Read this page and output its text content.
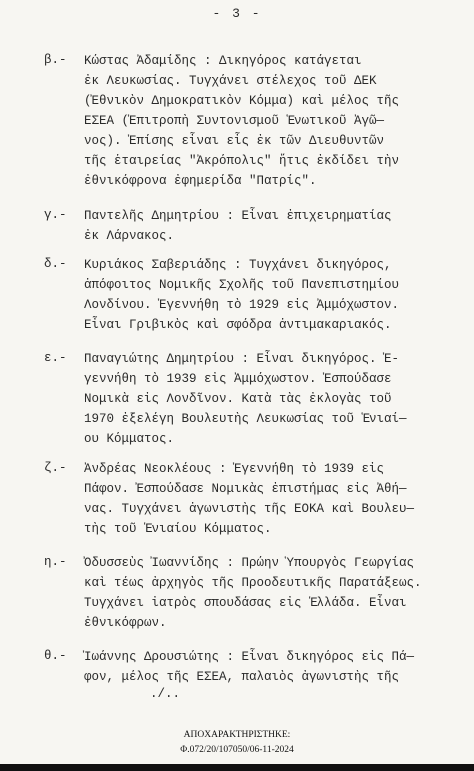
- 3 -
β.- Κώστας Ἀδαμίδης : Δικηγόρος κατάγεται
ἐκ Λευκωσίας. Τυγχάνει στέλεχος τοῦ ΔΕΚ
(Ἐθνικὸν Δημοκρατικὸν Κόμμα) καὶ μέλος τῆς
ΕΣΕΑ (Ἐπιτροπὴ Συντονισμοῦ Ἑνωτικοῦ Ἀγῶ—
νος). Ἐπίσης εἶναι εἷς ἐκ τῶν Διευθυντῶν
τῆς ἑταιρείας "Ἀκρόπολις" ἥτις ἐκδίδει τὴν
ἐθνικόφρονα ἐφημερίδα "Πατρίς".
γ.- Παντελῆς Δημητρίου : Εἶναι ἐπιχειρηματίας
ἐκ Λάρνακος.
δ.- Κυριάκος Σαβεριάδης : Τυγχάνει δικηγόρος,
ἀπόφοιτος Νομικῆς Σχολῆς τοῦ Πανεπιστημίου
Λονδίνου. Ἐγεννήθη τὸ 1929 εἰς Ἀμμόχωστον.
Εἶναι Γριβικὸς καὶ σφόδρα ἀντιμακαριακός.
ε.- Παναγιώτης Δημητρίου : Εἶναι δικηγόρος. Ἐ-
γεννήθη τὸ 1939 εἰς Ἀμμόχωστον. Ἐσπούδασε
Νομικὰ εἰς Λονδῖνον. Κατὰ τὰς ἐκλογὰς τοῦ
1970 ἐξελέγη Βουλευτὴς Λευκωσίας τοῦ Ἑνιαί—
ου Κόμματος.
ζ.- Ἀνδρέας Νεοκλέους : Ἐγεννήθη τὸ 1939 εἰς
Πάφον. Ἐσπούδασε Νομικὰς ἐπιστήμας εἰς Ἀθή—
νας. Τυγχάνει ἀγωνιστὴς τῆς ΕΟΚΑ καὶ Βουλευ—
τὴς τοῦ Ἑνιαίου Κόμματος.
η.- Ὀδυσσεὺς Ἰωαννίδης : Πρώην Ὑπουργὸς Γεωργίας
καὶ τέως ἀρχηγὸς τῆς Προοδευτικῆς Παρατάξεως.
Τυγχάνει ἰατρὸς σπουδάσας εἰς Ἑλλάδα. Εἶναι
ἐθνικόφρων.
θ.- Ἰωάννης Δρουσιώτης : Εἶναι δικηγόρος εἰς Πά—
φον, μέλος τῆς ΕΣΕΑ, παλαιὸς ἀγωνιστὴς τῆς
./..
ΑΠΟΧΑΡΑΚΤΗΡΙΣΤΗΚΕ:
Φ.072/20/107050/06-11-2024
